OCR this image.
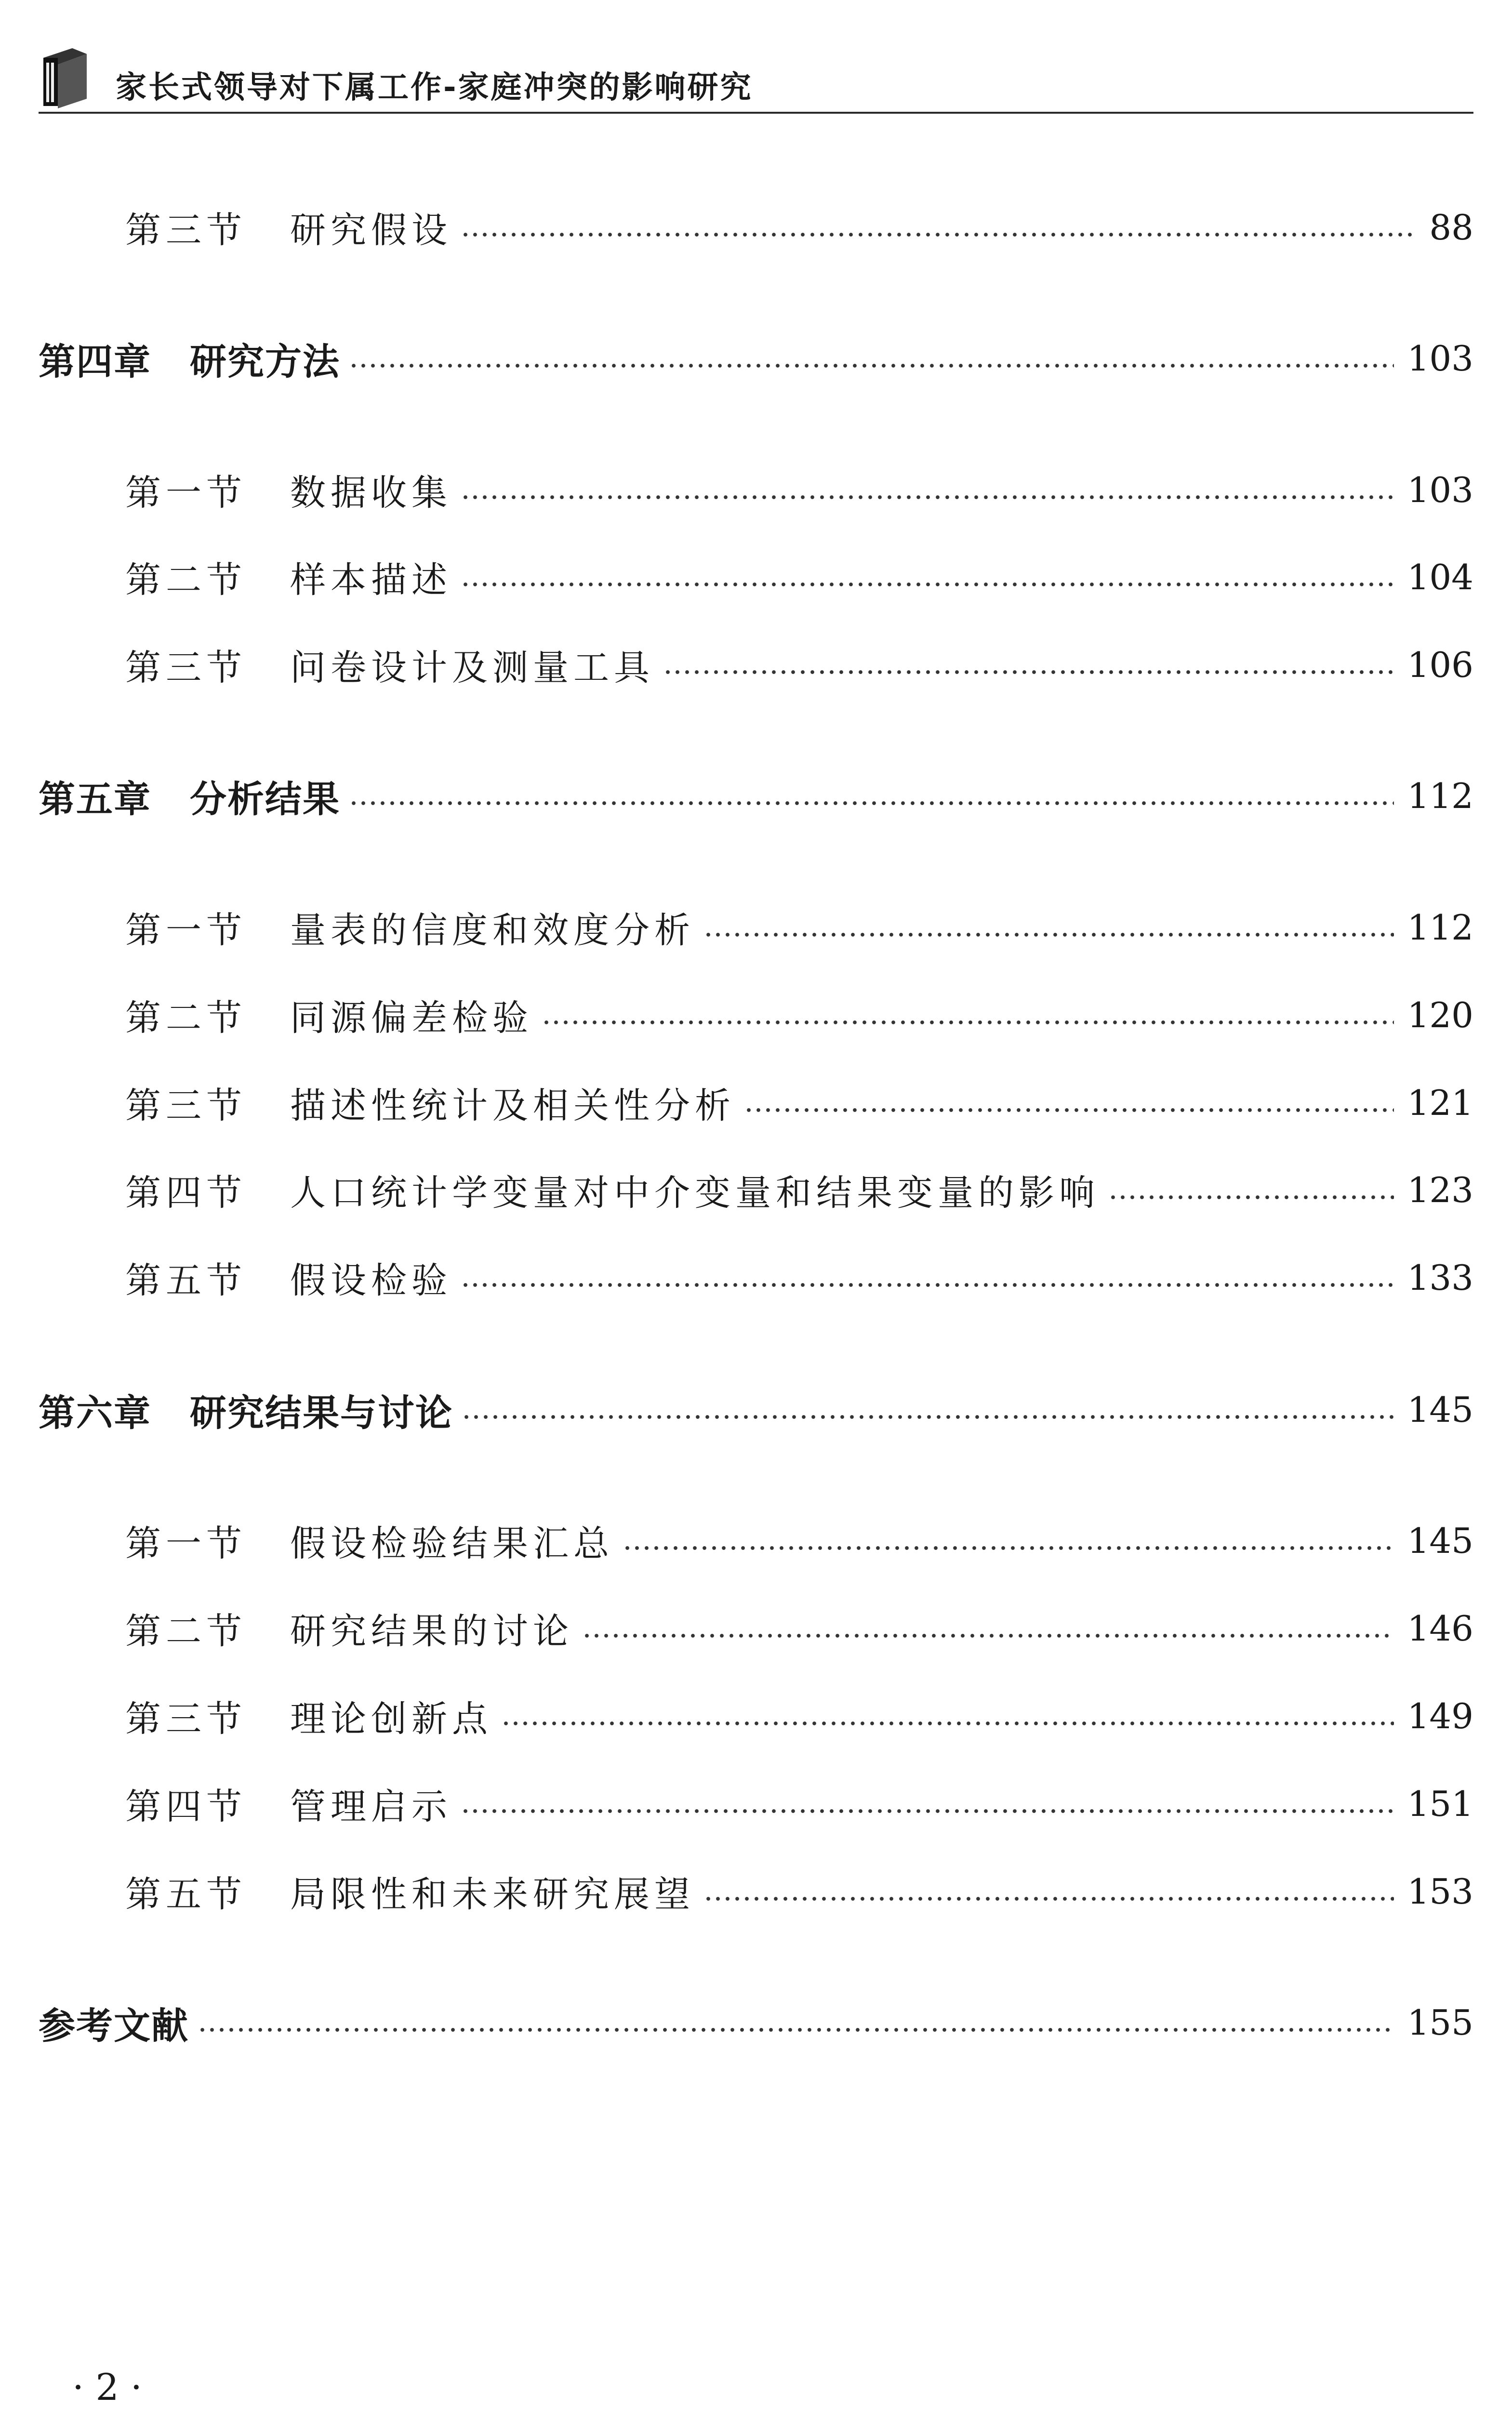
家长式领导对下属工作-家庭冲突的影响研究
第三节 研究假设	88
第四章 研究方法	103
第一节 数据收集	103
第二节 样本描述	104
第三节 问卷设计及测量工具	106
第五章 分析结果	112
第一节 量表的信度和效度分析	112
第二节 同源偏差检验	120
第三节 描述性统计及相关性分析	121
第四节 人口统计学变量对中介变量和结果变量的影响	123
第五节 假设检验	133
第六章 研究结果与讨论	145
第一节 假设检验结果汇总	145
第二节 研究结果的讨论	146
第三节 理论创新点	149
第四节 管理启示	151
第五节 局限性和未来研究展望	153
参考文献	155
· 2 ·
